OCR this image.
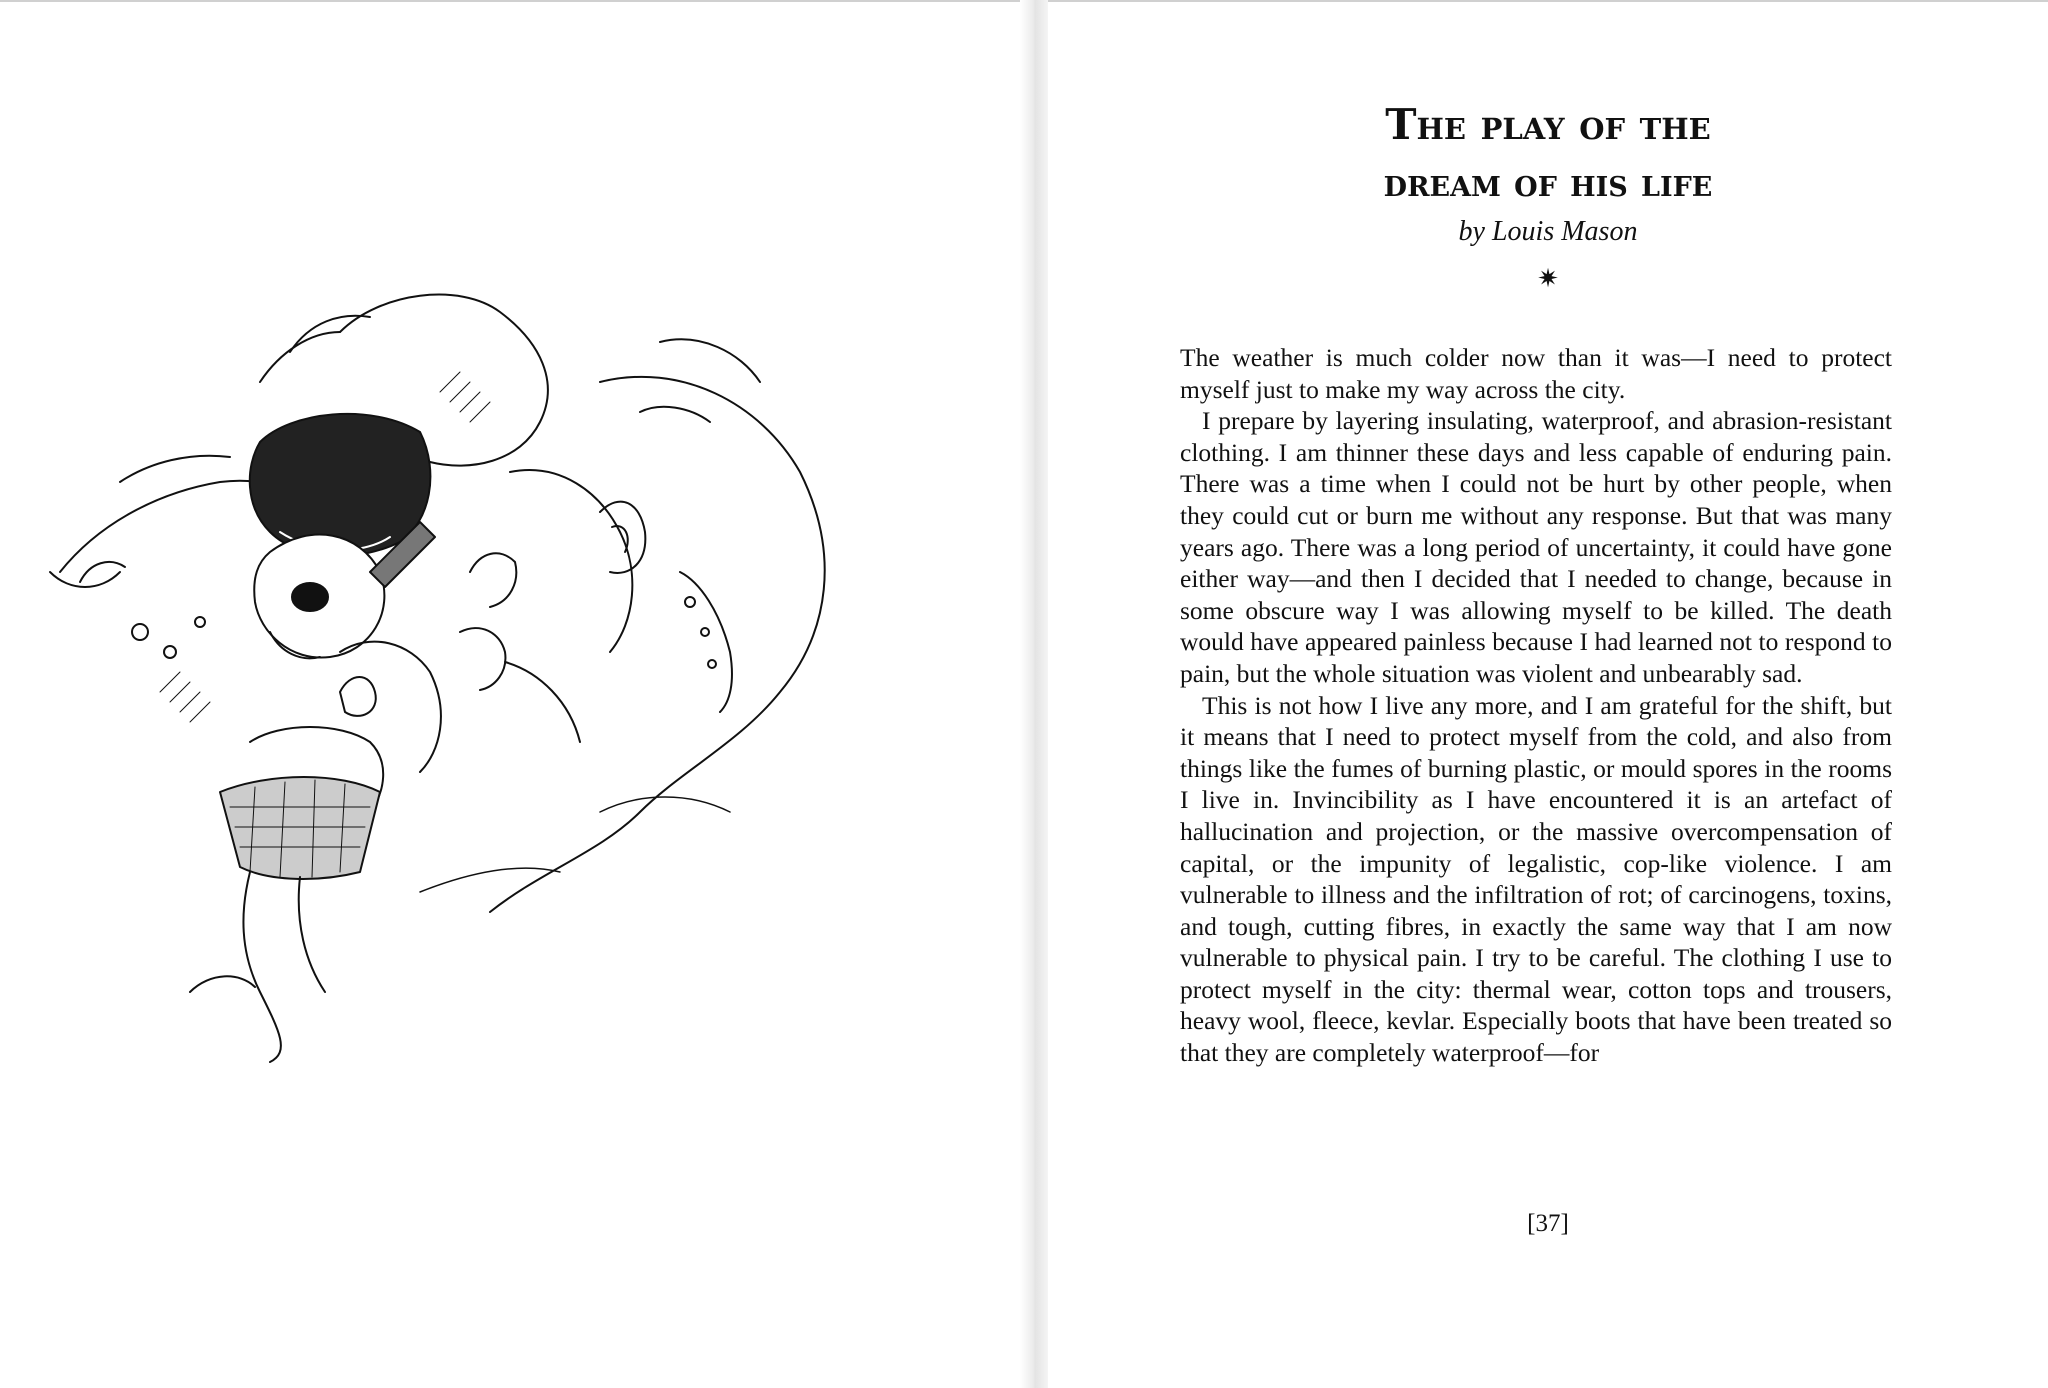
The play of the
dream of his life
by Louis Mason
✷

The weather is much colder now than it was—I need to protect myself just to make my way across the city.

I prepare by layering insulating, waterproof, and abrasion-resistant clothing. I am thinner these days and less capable of enduring pain. There was a time when I could not be hurt by other people, when they could cut or burn me without any response. But that was many years ago. There was a long period of uncertainty, it could have gone either way—and then I decided that I needed to change, because in some obscure way I was allowing myself to be killed. The death would have appeared painless because I had learned not to respond to pain, but the whole situation was violent and unbearably sad.

This is not how I live any more, and I am grateful for the shift, but it means that I need to protect myself from the cold, and also from things like the fumes of burning plastic, or mould spores in the rooms I live in. Invincibility as I have encountered it is an artefact of hallucination and projection, or the massive overcompensation of capital, or the impunity of legalistic, cop-like violence. I am vulnerable to illness and the infiltration of rot; of carcinogens, toxins, and tough, cutting fibres, in exactly the same way that I am now vulnerable to physical pain. I try to be careful. The clothing I use to protect myself in the city: thermal wear, cotton tops and trousers, heavy wool, fleece, kevlar. Especially boots that have been treated so that they are completely waterproof—for

[37]
